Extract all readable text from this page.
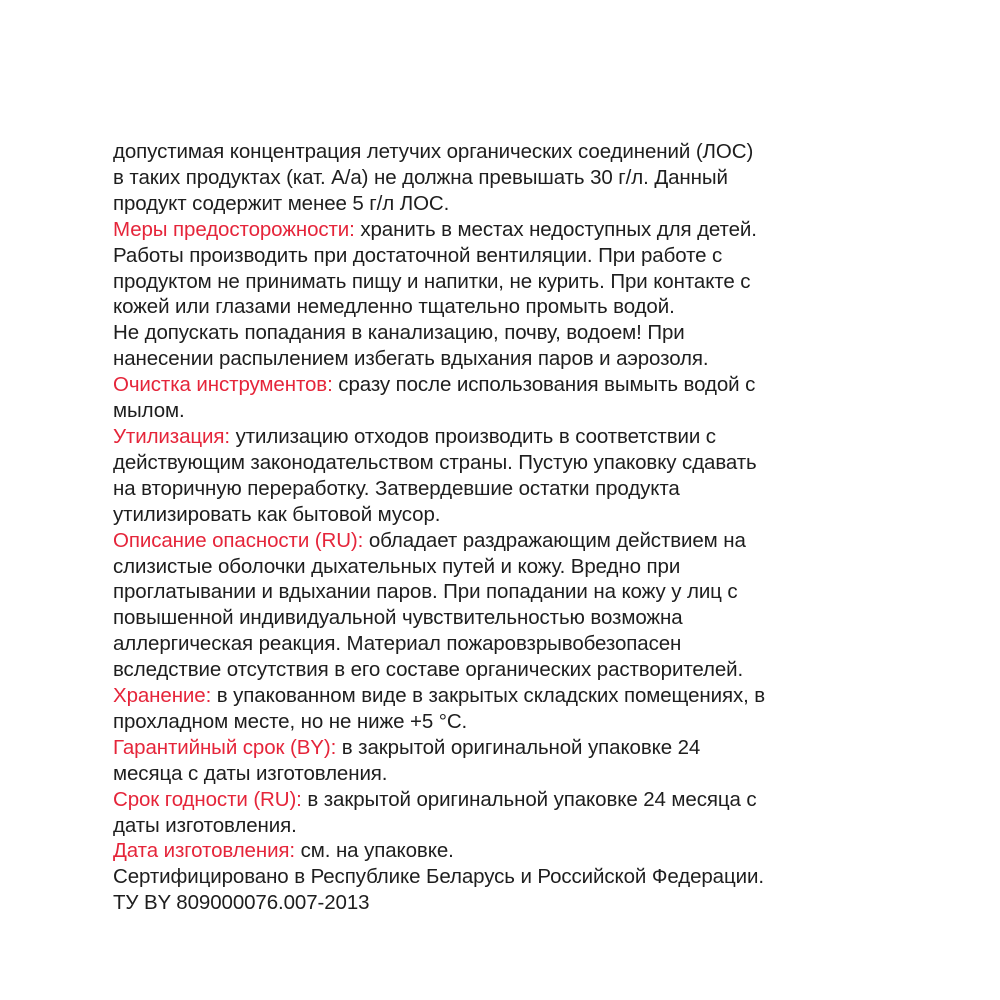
допустимая концентрация летучих органических соединений (ЛОС)
в таких продуктах (кат. А/а) не должна превышать 30 г/л. Данный
продукт содержит менее 5 г/л ЛОС.
Меры предосторожности: хранить в местах недоступных для детей.
Работы производить при достаточной вентиляции. При работе с
продуктом не принимать пищу и напитки, не курить. При контакте с
кожей или глазами немедленно тщательно промыть водой.
Не допускать попадания в канализацию, почву, водоем! При
нанесении распылением избегать вдыхания паров и аэрозоля.
Очистка инструментов: сразу после использования вымыть водой с
мылом.
Утилизация: утилизацию отходов производить в соответствии с
действующим законодательством страны. Пустую упаковку сдавать
на вторичную переработку. Затвердевшие остатки продукта
утилизировать как бытовой мусор.
Описание опасности (RU): обладает раздражающим действием на
слизистые оболочки дыхательных путей и кожу. Вредно при
проглатывании и вдыхании паров. При попадании на кожу у лиц с
повышенной индивидуальной чувствительностью возможна
аллергическая реакция. Материал пожаровзрывобезопасен
вследствие отсутствия в его составе органических растворителей.
Хранение: в упакованном виде в закрытых складских помещениях, в
прохладном месте, но не ниже +5 °С.
Гарантийный срок (BY): в закрытой оригинальной упаковке 24
месяца с даты изготовления.
Срок годности (RU): в закрытой оригинальной упаковке 24 месяца с
даты изготовления.
Дата изготовления: см. на упаковке.
Сертифицировано в Республике Беларусь и Российской Федерации.
ТУ BY 809000076.007-2013
